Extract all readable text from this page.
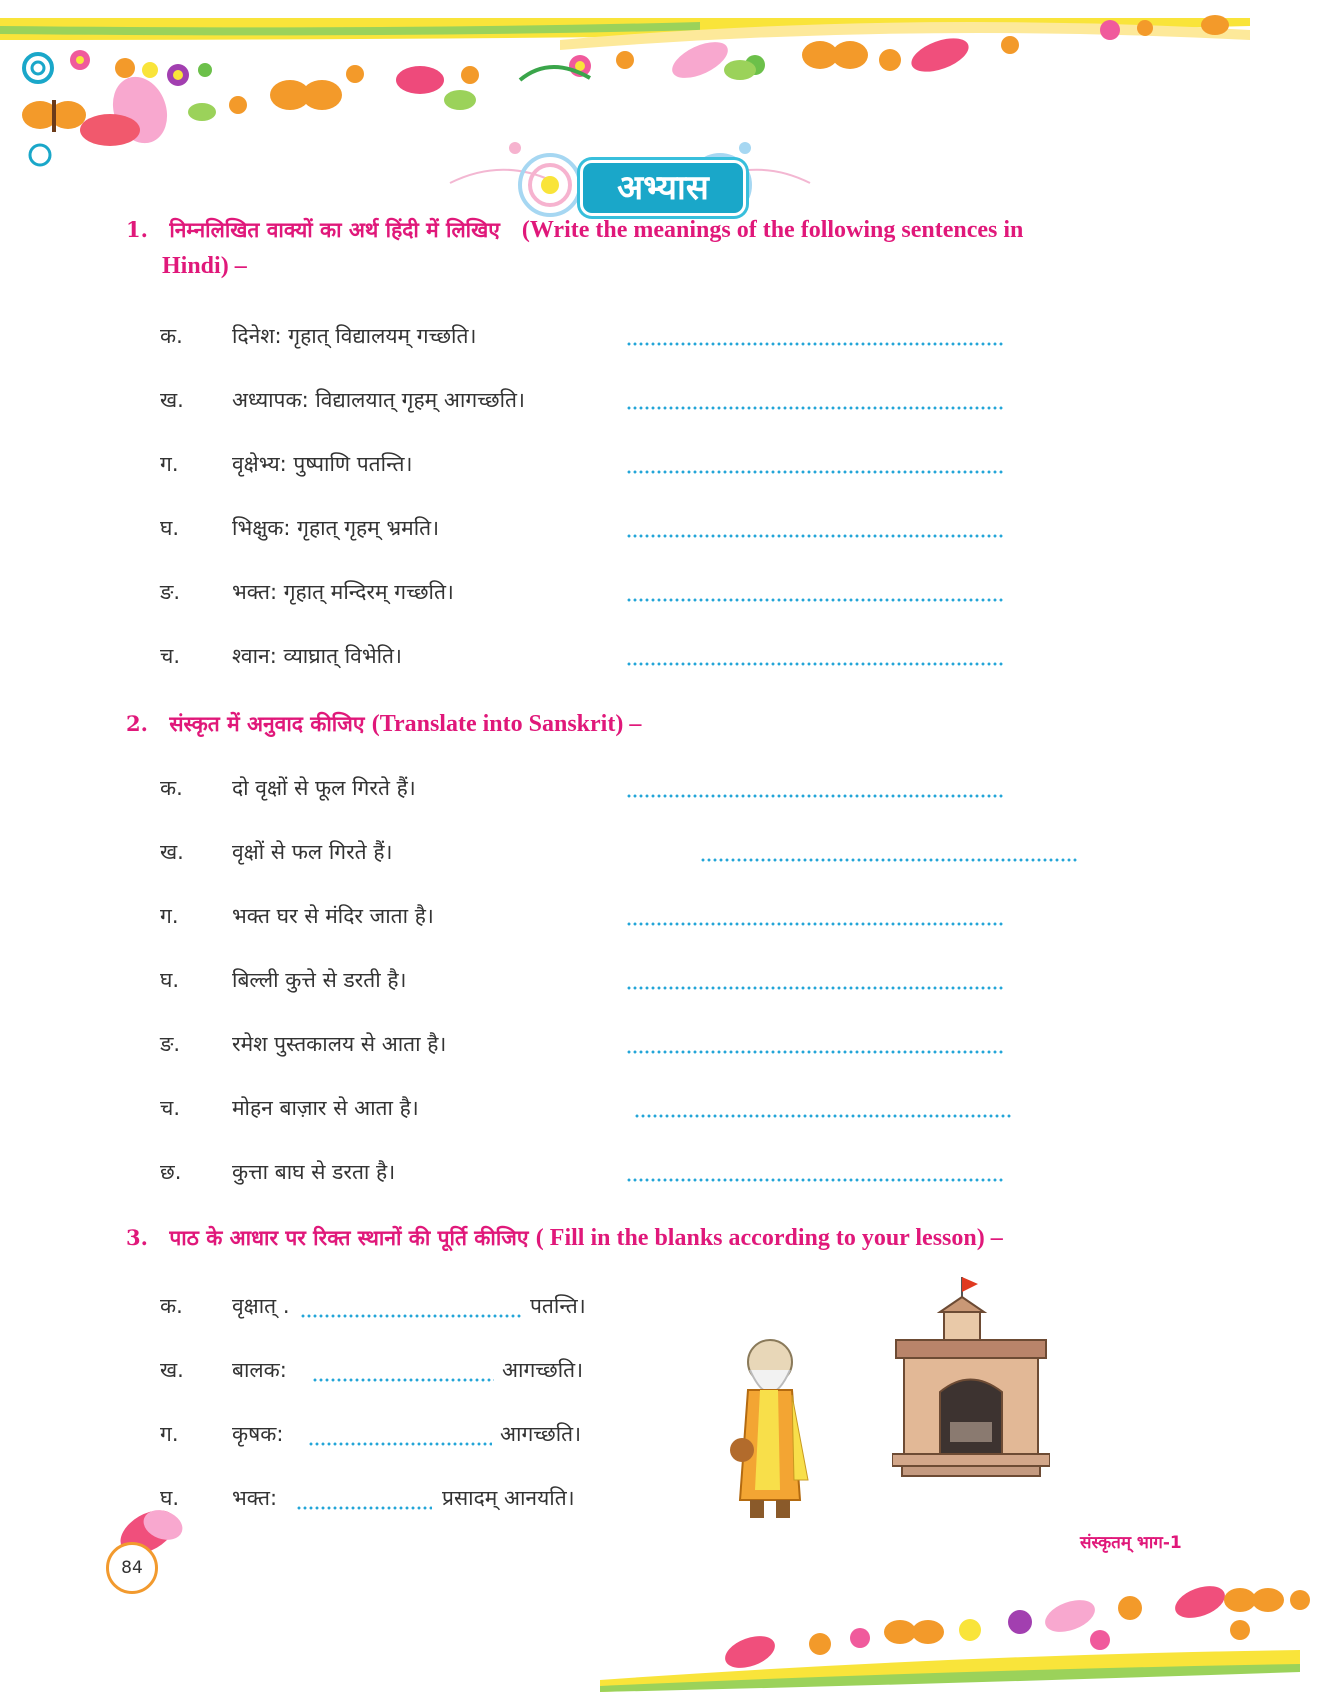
अभ्यास
1. निम्नलिखित वाक्यों का अर्थ हिंदी में लिखिए (Write the meanings of the following sentences in
Hindi) –
क.	दिनेश: गृहात् विद्यालयम् गच्छति।
ख.	अध्यापक: विद्यालयात् गृहम् आगच्छति।
ग.	वृक्षेभ्य: पुष्पाणि पतन्ति।
घ.	भिक्षुक: गृहात् गृहम् भ्रमति।
ङ.	भक्त: गृहात् मन्दिरम् गच्छति।
च.	श्वान: व्याघ्रात् विभेति।
2. संस्कृत में अनुवाद कीजिए (Translate into Sanskrit) –
क.	दो वृक्षों से फूल गिरते हैं।
ख.	वृक्षों से फल गिरते हैं।
ग.	भक्त घर से मंदिर जाता है।
घ.	बिल्ली कुत्ते से डरती है।
ङ.	रमेश पुस्तकालय से आता है।
च.	मोहन बाज़ार से आता है।
छ.	कुत्ता बाघ से डरता है।
3. पाठ के आधार पर रिक्त स्थानों की पूर्ति कीजिए ( Fill in the blanks according to your lesson) –
क.	वृक्षात् .	पतन्ति।
ख.	बालक:	आगच्छति।
ग.	कृषक:	आगच्छति।
घ.	भक्त:	प्रसादम् आनयति।
84
संस्कृतम् भाग-1
